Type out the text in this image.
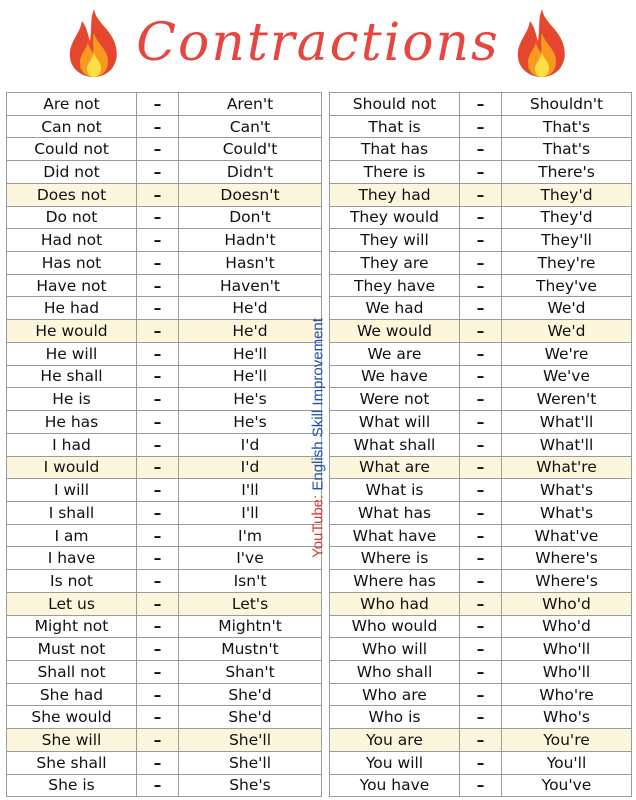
Contractions
Are not	–	Aren't
Can not	–	Can't
Could not	–	Could't
Did not	–	Didn't
Does not	–	Doesn't
Do not	–	Don't
Had not	–	Hadn't
Has not	–	Hasn't
Have not	–	Haven't
He had	–	He'd
He would	–	He'd
He will	–	He'll
He shall	–	He'll
He is	–	He's
He has	–	He's
I had	–	I'd
I would	–	I'd
I will	–	I'll
I shall	–	I'll
I am	–	I'm
I have	–	I've
Is not	–	Isn't
Let us	–	Let's
Might not	–	Mightn't
Must not	–	Mustn't
Shall not	–	Shan't
She had	–	She'd
She would	–	She'd
She will	–	She'll
She shall	–	She'll
She is	–	She's
Should not	–	Shouldn't
That is	–	That's
That has	–	That's
There is	–	There's
They had	–	They'd
They would	–	They'd
They will	–	They'll
They are	–	They're
They have	–	They've
We had	–	We'd
We would	–	We'd
We are	–	We're
We have	–	We've
Were not	–	Weren't
What will	–	What'll
What shall	–	What'll
What are	–	What're
What is	–	What's
What has	–	What's
What have	–	What've
Where is	–	Where's
Where has	–	Where's
Who had	–	Who'd
Who would	–	Who'd
Who will	–	Who'll
Who shall	–	Who'll
Who are	–	Who're
Who is	–	Who's
You are	–	You're
You will	–	You'll
You have	–	You've
YouTube: English Skill Improvement
